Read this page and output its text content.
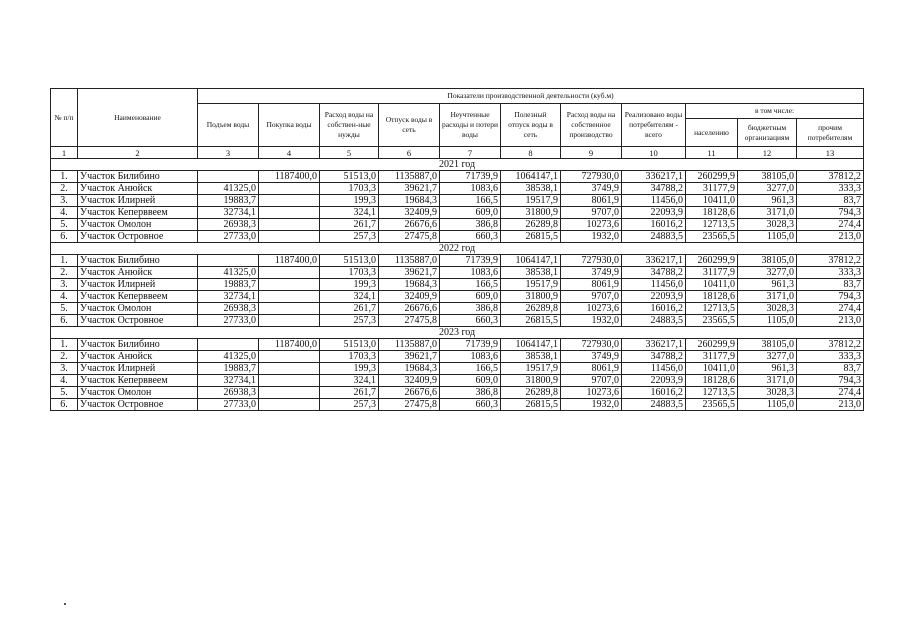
№ п/п	Наименование	Показатели производственной деятельности (куб.м)										
		Подъем воды	Покупка воды	Расход воды на собствен-ные нужды	Отпуск воды в сеть	Неучтенные расходы и потери воды	Полезный отпуск воды в сеть	Расход воды на собственное производство	Реализовано воды потребителям - всего	в том числе:		
										населению	бюджетным организациям	прочим потребителям
1	2	3	4	5	6	7	8	9	10	11	12	13
2021 год												
1.	Участок Билибино		1187400,0	51513,0	1135887,0	71739,9	1064147,1	727930,0	336217,1	260299,9	38105,0	37812,2
2.	Участок Анюйск	41325,0		1703,3	39621,7	1083,6	38538,1	3749,9	34788,2	31177,9	3277,0	333,3
3.	Участок Илирней	19883,7		199,3	19684,3	166,5	19517,9	8061,9	11456,0	10411,0	961,3	83,7
4.	Участок Кеперввеем	32734,1		324,1	32409,9	609,0	31800,9	9707,0	22093,9	18128,6	3171,0	794,3
5.	Участок Омолон	26938,3		261,7	26676,6	386,8	26289,8	10273,6	16016,2	12713,5	3028,3	274,4
6.	Участок Островное	27733,0		257,3	27475,8	660,3	26815,5	1932,0	24883,5	23565,5	1105,0	213,0
2022 год												
1.	Участок Билибино		1187400,0	51513,0	1135887,0	71739,9	1064147,1	727930,0	336217,1	260299,9	38105,0	37812,2
2.	Участок Анюйск	41325,0		1703,3	39621,7	1083,6	38538,1	3749,9	34788,2	31177,9	3277,0	333,3
3.	Участок Илирней	19883,7		199,3	19684,3	166,5	19517,9	8061,9	11456,0	10411,0	961,3	83,7
4.	Участок Кеперввеем	32734,1		324,1	32409,9	609,0	31800,9	9707,0	22093,9	18128,6	3171,0	794,3
5.	Участок Омолон	26938,3		261,7	26676,6	386,8	26289,8	10273,6	16016,2	12713,5	3028,3	274,4
6.	Участок Островное	27733,0		257,3	27475,8	660,3	26815,5	1932,0	24883,5	23565,5	1105,0	213,0
2023 год												
1.	Участок Билибино		1187400,0	51513,0	1135887,0	71739,9	1064147,1	727930,0	336217,1	260299,9	38105,0	37812,2
2.	Участок Анюйск	41325,0		1703,3	39621,7	1083,6	38538,1	3749,9	34788,2	31177,9	3277,0	333,3
3.	Участок Илирней	19883,7		199,3	19684,3	166,5	19517,9	8061,9	11456,0	10411,0	961,3	83,7
4.	Участок Кеперввеем	32734,1		324,1	32409,9	609,0	31800,9	9707,0	22093,9	18128,6	3171,0	794,3
5.	Участок Омолон	26938,3		261,7	26676,6	386,8	26289,8	10273,6	16016,2	12713,5	3028,3	274,4
6.	Участок Островное	27733,0		257,3	27475,8	660,3	26815,5	1932,0	24883,5	23565,5	1105,0	213,0
